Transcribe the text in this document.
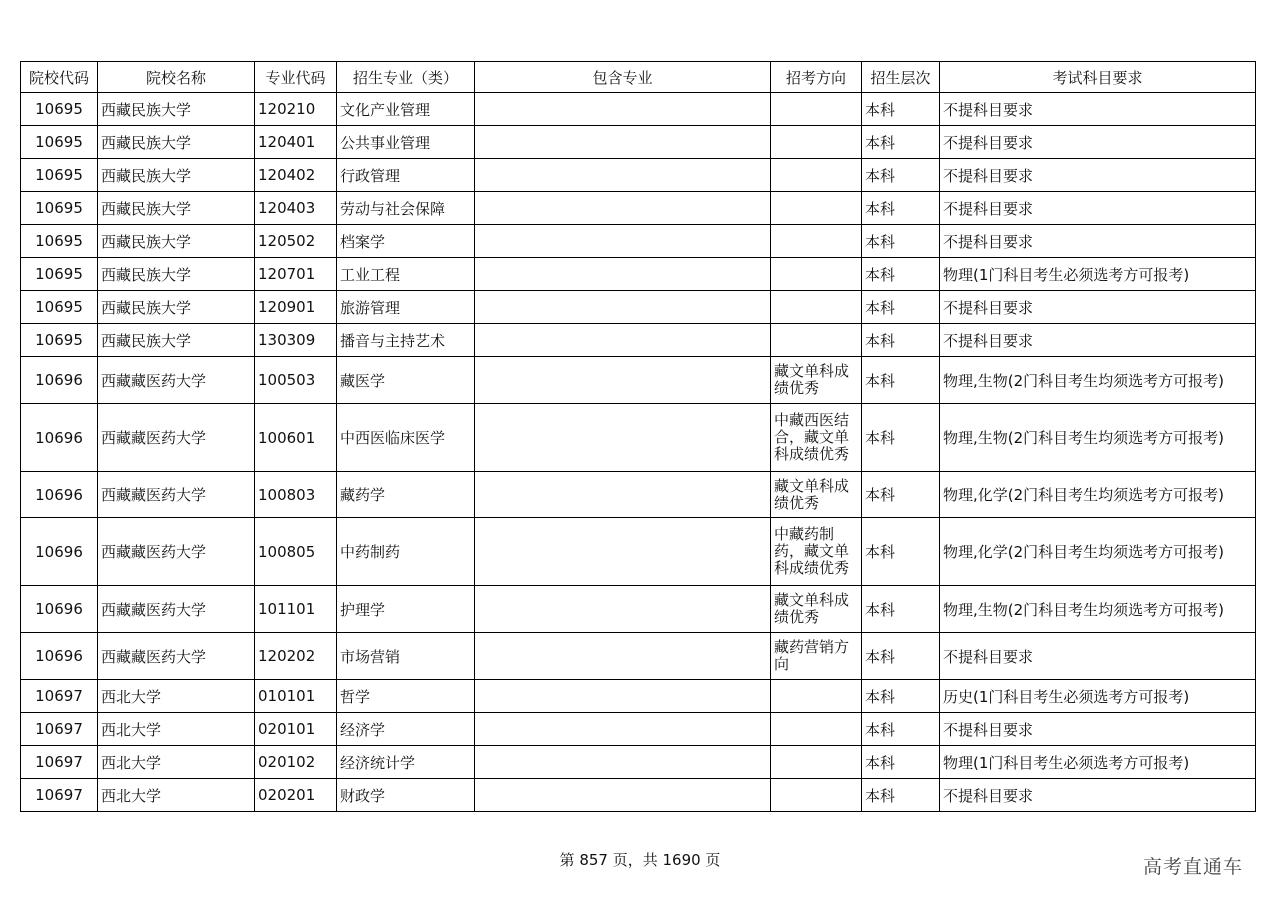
院校代码	院校名称	专业代码	招生专业（类）	包含专业	招考方向	招生层次	考试科目要求
10695	西藏民族大学	120210	文化产业管理			本科	不提科目要求
10695	西藏民族大学	120401	公共事业管理			本科	不提科目要求
10695	西藏民族大学	120402	行政管理			本科	不提科目要求
10695	西藏民族大学	120403	劳动与社会保障			本科	不提科目要求
10695	西藏民族大学	120502	档案学			本科	不提科目要求
10695	西藏民族大学	120701	工业工程			本科	物理(1门科目考生必须选考方可报考)
10695	西藏民族大学	120901	旅游管理			本科	不提科目要求
10695	西藏民族大学	130309	播音与主持艺术			本科	不提科目要求
10696	西藏藏医药大学	100503	藏医学		藏文单科成绩优秀	本科	物理,生物(2门科目考生均须选考方可报考)
10696	西藏藏医药大学	100601	中西医临床医学		中藏西医结合，藏文单科成绩优秀	本科	物理,生物(2门科目考生均须选考方可报考)
10696	西藏藏医药大学	100803	藏药学		藏文单科成绩优秀	本科	物理,化学(2门科目考生均须选考方可报考)
10696	西藏藏医药大学	100805	中药制药		中藏药制药，藏文单科成绩优秀	本科	物理,化学(2门科目考生均须选考方可报考)
10696	西藏藏医药大学	101101	护理学		藏文单科成绩优秀	本科	物理,生物(2门科目考生均须选考方可报考)
10696	西藏藏医药大学	120202	市场营销		藏药营销方向	本科	不提科目要求
10697	西北大学	010101	哲学			本科	历史(1门科目考生必须选考方可报考)
10697	西北大学	020101	经济学			本科	不提科目要求
10697	西北大学	020102	经济统计学			本科	物理(1门科目考生必须选考方可报考)
10697	西北大学	020201	财政学			本科	不提科目要求
第 857 页，共 1690 页	高考直通车
